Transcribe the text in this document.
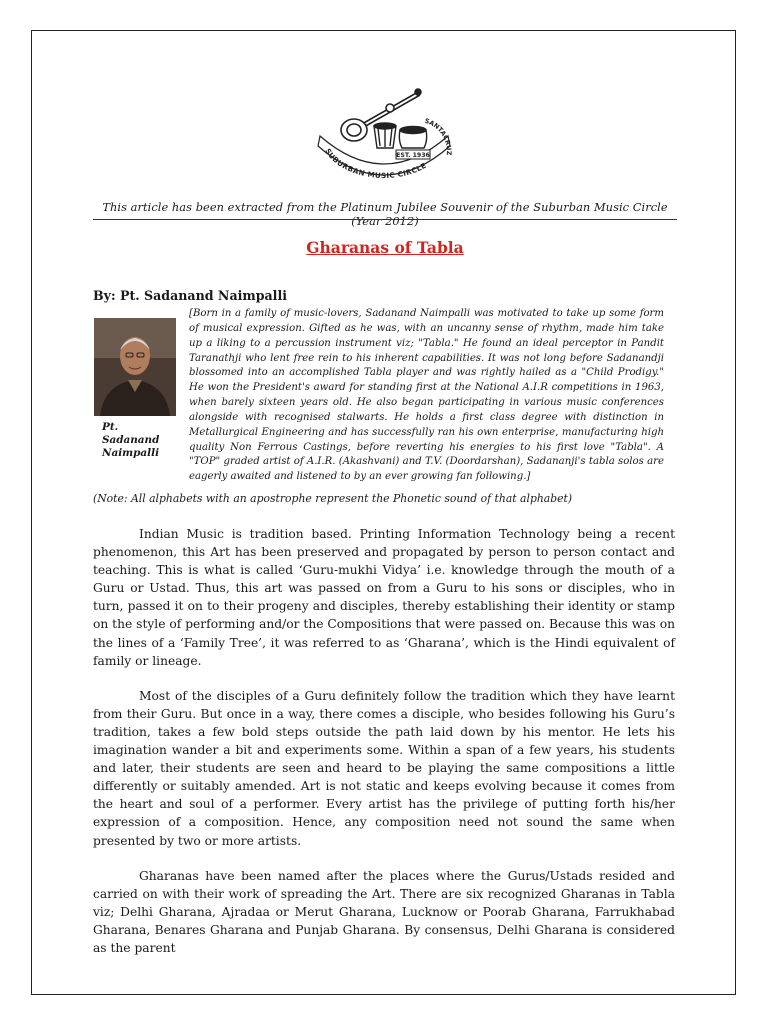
SUBURBAN MUSIC CIRCLE
SANTACRUZ
EST. 1936
This article has been extracted from the Platinum Jubilee Souvenir of the Suburban Music Circle (Year 2012)
Gharanas of Tabla
By: Pt. Sadanand Naimpalli
Pt.
Sadanand
Naimpalli
[Born in a family of music-lovers, Sadanand Naimpalli was motivated to take up some form of musical expression. Gifted as he was, with an uncanny sense of rhythm, made him take up a liking to a percussion instrument viz; "Tabla." He found an ideal perceptor in Pandit Taranathji who lent free rein to his inherent capabilities. It was not long before Sadanandji blossomed into an accomplished Tabla player and was rightly hailed as a "Child Prodigy." He won the President's award for standing first at the National A.I.R competitions in 1963, when barely sixteen years old. He also began participating in various music conferences alongside with recognised stalwarts. He holds a first class degree with distinction in Metallurgical Engineering and has successfully ran his own enterprise, manufacturing high quality Non Ferrous Castings, before reverting his energies to his first love "Tabla". A "TOP" graded artist of A.I.R. (Akashvani) and T.V. (Doordarshan), Sadananji's tabla solos are eagerly awaited and listened to by an ever growing fan following.]
(Note: All alphabets with an apostrophe represent the Phonetic sound of that alphabet)

Indian Music is tradition based. Printing Information Technology being a recent phenomenon, this Art has been preserved and propagated by person to person contact and teaching. This is what is called ‘Guru-mukhi Vidya’ i.e. knowledge through the mouth of a Guru or Ustad. Thus, this art was passed on from a Guru to his sons or disciples, who in turn, passed it on to their progeny and disciples, thereby establishing their identity or stamp on the style of performing and/or the Compositions that were passed on. Because this was on the lines of a ‘Family Tree’, it was referred to as ‘Gharana’, which is the Hindi equivalent of family or lineage.

Most of the disciples of a Guru definitely follow the tradition which they have learnt from their Guru. But once in a way, there comes a disciple, who besides following his Guru’s tradition, takes a few bold steps outside the path laid down by his mentor. He lets his imagination wander a bit and experiments some. Within a span of a few years, his students and later, their students are seen and heard to be playing the same compositions a little differently or suitably amended. Art is not static and keeps evolving because it comes from the heart and soul of a performer. Every artist has the privilege of putting forth his/her expression of a composition. Hence, any composition need not sound the same when presented by two or more artists.

Gharanas have been named after the places where the Gurus/Ustads resided and carried on with their work of spreading the Art. There are six recognized Gharanas in Tabla viz; Delhi Gharana, Ajradaa or Merut Gharana, Lucknow or Poorab Gharana, Farrukhabad Gharana, Benares Gharana and Punjab Gharana. By consensus, Delhi Gharana is considered as the parent
